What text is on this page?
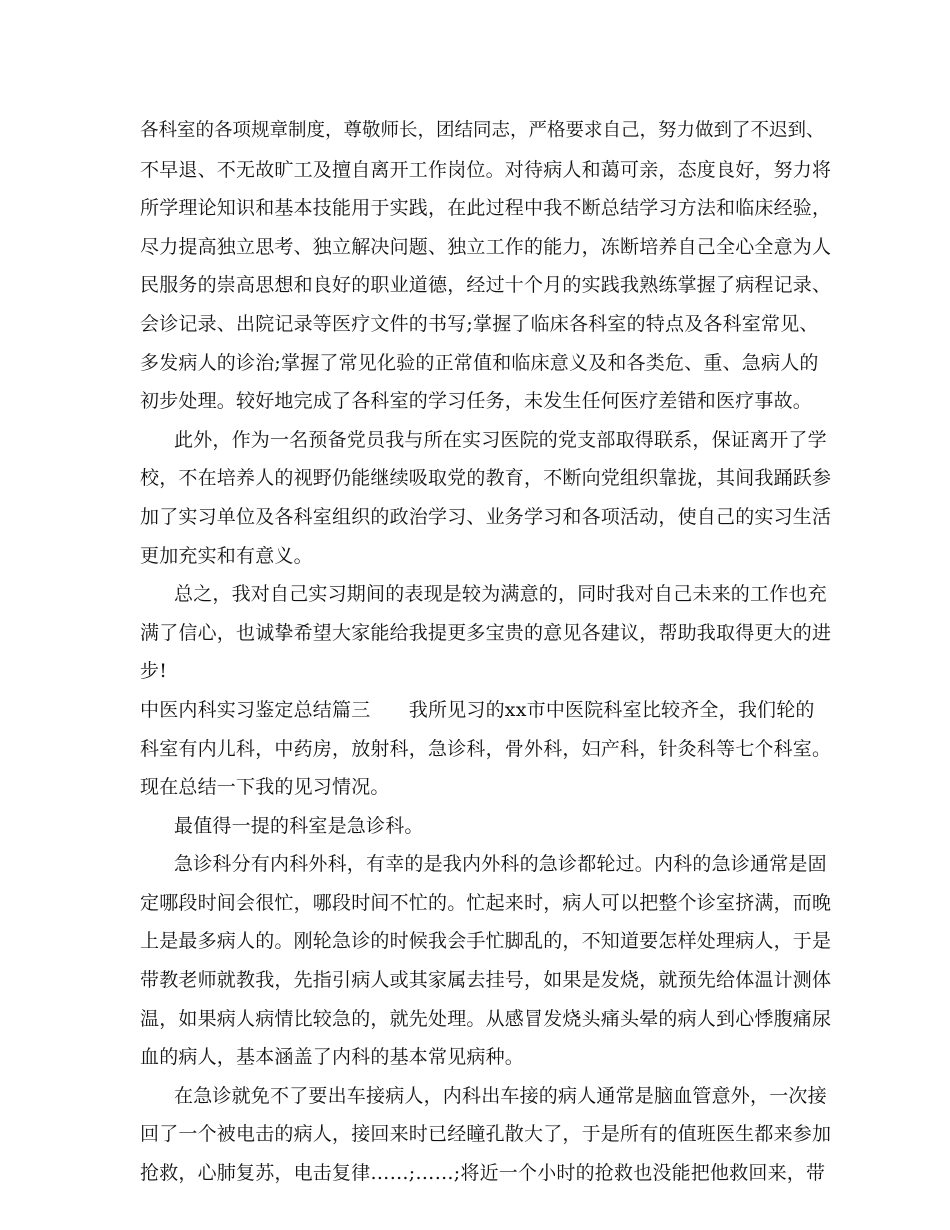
各科室的各项规章制度，尊敬师长，团结同志，严格要求自己，努力做到了不迟到、
不早退、不无故旷工及擅自离开工作岗位。对待病人和蔼可亲，态度良好，努力将
所学理论知识和基本技能用于实践，在此过程中我不断总结学习方法和临床经验，
尽力提高独立思考、独立解决问题、独立工作的能力，冻断培养自己全心全意为人
民服务的崇高思想和良好的职业道德，经过十个月的实践我熟练掌握了病程记录、
会诊记录、出院记录等医疗文件的书写;掌握了临床各科室的特点及各科室常见、
多发病人的诊治;掌握了常见化验的正常值和临床意义及和各类危、重、急病人的
初步处理。较好地完成了各科室的学习任务，未发生任何医疗差错和医疗事故。
此外，作为一名预备党员我与所在实习医院的党支部取得联系，保证离开了学
校，不在培养人的视野仍能继续吸取党的教育，不断向党组织靠拢，其间我踊跃参
加了实习单位及各科室组织的政治学习、业务学习和各项活动，使自己的实习生活
更加充实和有意义。
总之，我对自己实习期间的表现是较为满意的，同时我对自己未来的工作也充
满了信心，也诚挚希望大家能给我提更多宝贵的意见各建议，帮助我取得更大的进
步!
中医内科实习鉴定总结篇三　　我所见习的xx市中医院科室比较齐全，我们轮的
科室有内儿科，中药房，放射科，急诊科，骨外科，妇产科，针灸科等七个科室。
现在总结一下我的见习情况。
最值得一提的科室是急诊科。
急诊科分有内科外科，有幸的是我内外科的急诊都轮过。内科的急诊通常是固
定哪段时间会很忙，哪段时间不忙的。忙起来时，病人可以把整个诊室挤满，而晚
上是最多病人的。刚轮急诊的时候我会手忙脚乱的，不知道要怎样处理病人，于是
带教老师就教我，先指引病人或其家属去挂号，如果是发烧，就预先给体温计测体
温，如果病人病情比较急的，就先处理。从感冒发烧头痛头晕的病人到心悸腹痛尿
血的病人，基本涵盖了内科的基本常见病种。
在急诊就免不了要出车接病人，内科出车接的病人通常是脑血管意外，一次接
回了一个被电击的病人，接回来时已经瞳孔散大了，于是所有的值班医生都来参加
抢救，心肺复苏，电击复律……;……;将近一个小时的抢救也没能把他救回来，带
